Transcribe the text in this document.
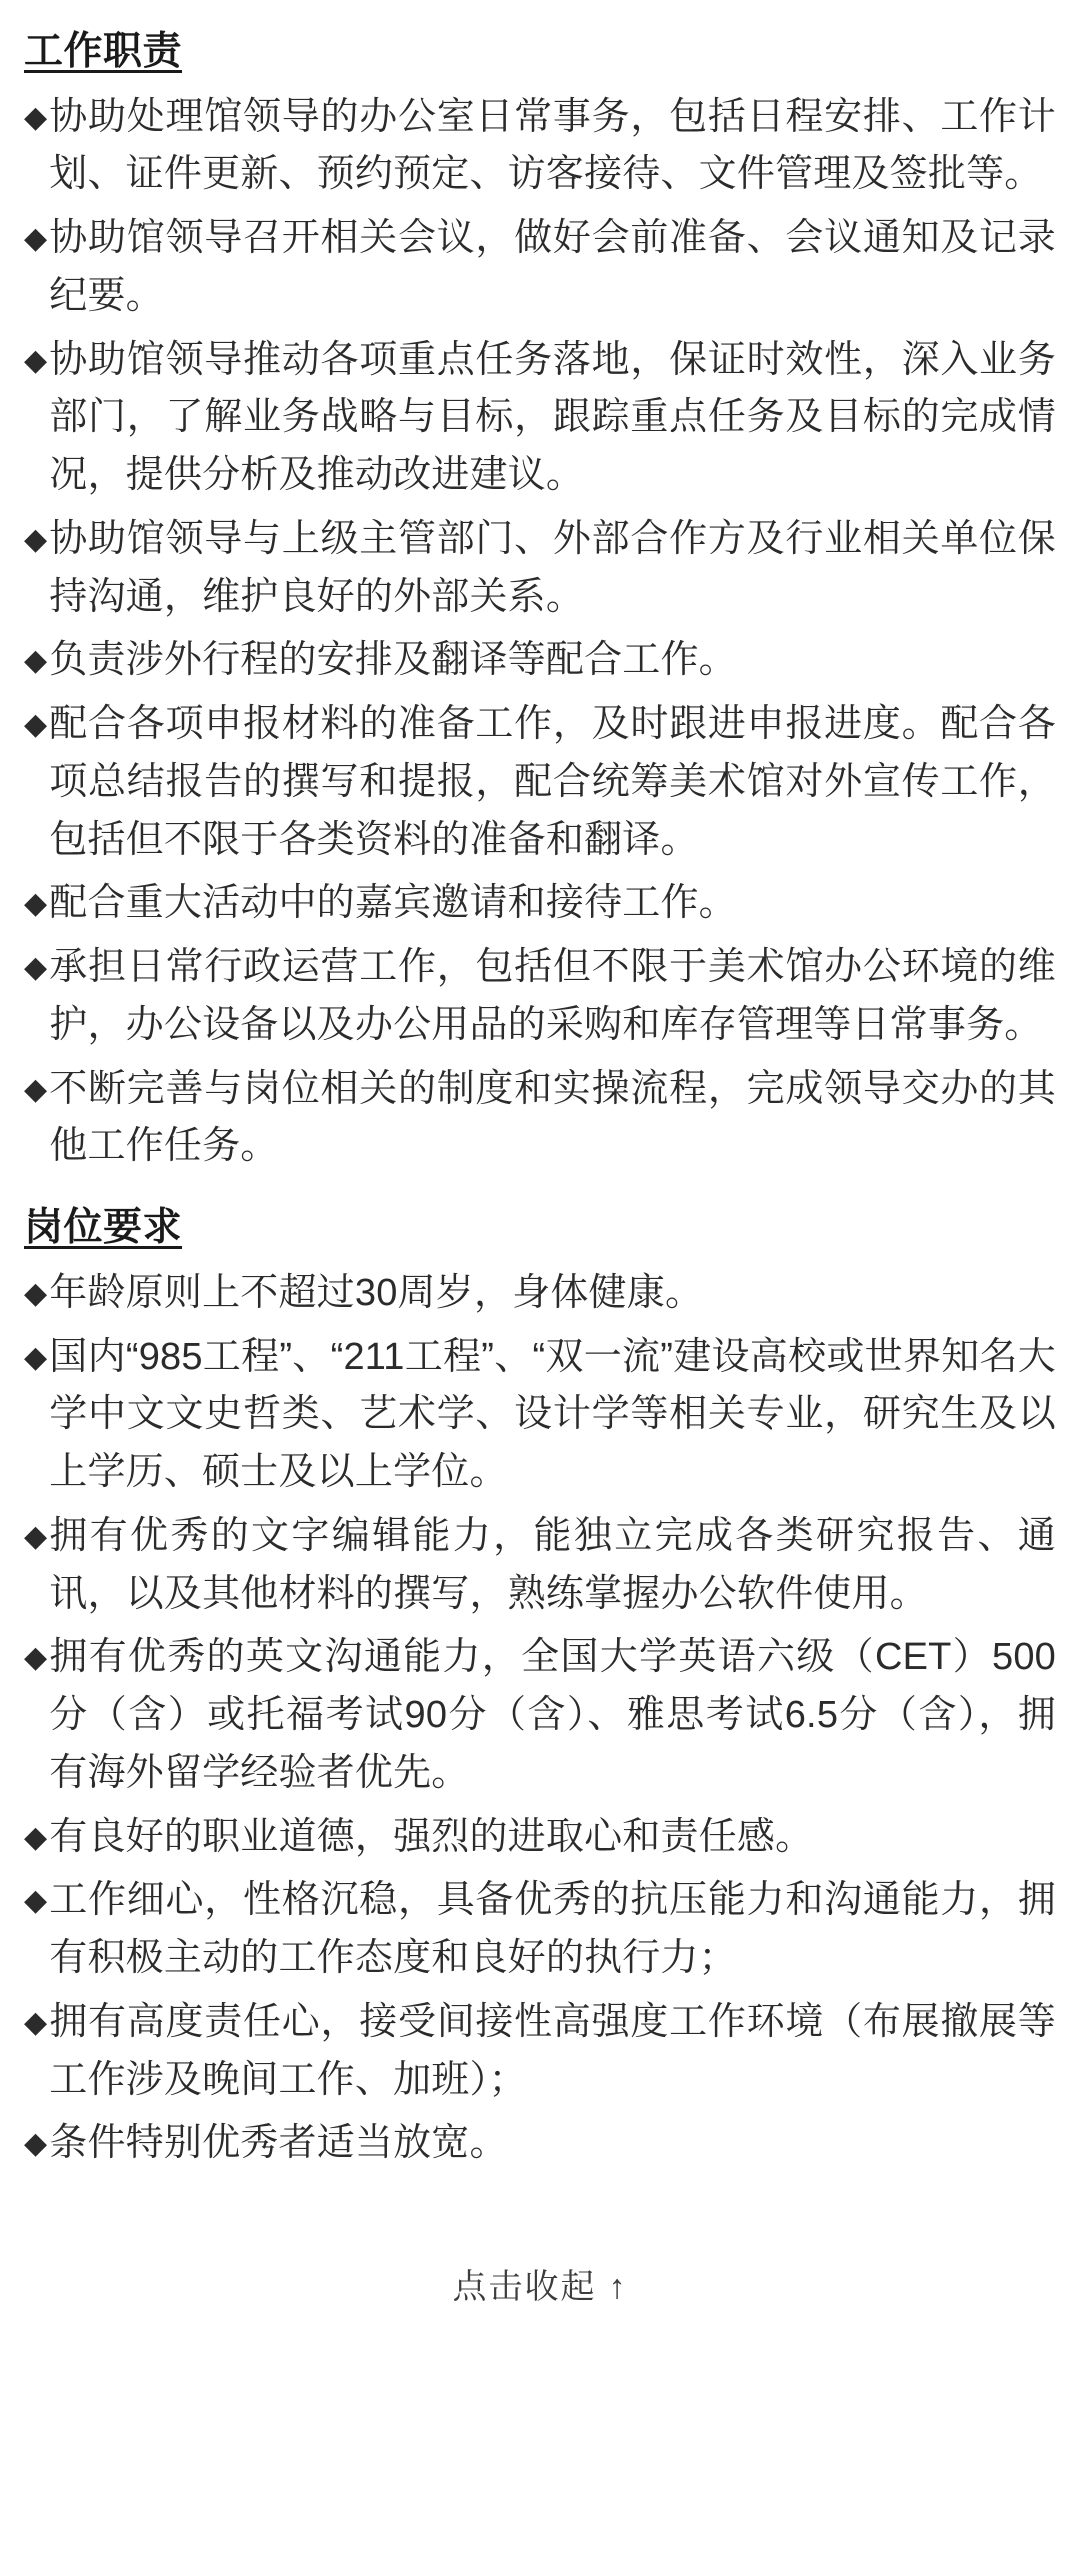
工作职责
◆ 协助处理馆领导的办公室日常事务，包括日程安排、工作计划、证件更新、预约预定、访客接待、文件管理及签批等。
◆ 协助馆领导召开相关会议，做好会前准备、会议通知及记录纪要。
◆ 协助馆领导推动各项重点任务落地，保证时效性，深入业务部门，了解业务战略与目标，跟踪重点任务及目标的完成情况，提供分析及推动改进建议。
◆ 协助馆领导与上级主管部门、外部合作方及行业相关单位保持沟通，维护良好的外部关系。
◆ 负责涉外行程的安排及翻译等配合工作。
◆ 配合各项申报材料的准备工作，及时跟进申报进度。配合各项总结报告的撰写和提报，配合统筹美术馆对外宣传工作，包括但不限于各类资料的准备和翻译。
◆ 配合重大活动中的嘉宾邀请和接待工作。
◆ 承担日常行政运营工作，包括但不限于美术馆办公环境的维护，办公设备以及办公用品的采购和库存管理等日常事务。
◆ 不断完善与岗位相关的制度和实操流程，完成领导交办的其他工作任务。
岗位要求
◆ 年龄原则上不超过30周岁，身体健康。
◆ 国内“985工程”、“211工程”、“双一流”建设高校或世界知名大学中文文史哲类、艺术学、设计学等相关专业，研究生及以上学历、硕士及以上学位。
◆ 拥有优秀的文字编辑能力，能独立完成各类研究报告、通讯，以及其他材料的撰写，熟练掌握办公软件使用。
◆ 拥有优秀的英文沟通能力，全国大学英语六级（CET）500分（含）或托福考试90分（含）、雅思考试6.5分（含），拥有海外留学经验者优先。
◆ 有良好的职业道德，强烈的进取心和责任感。
◆ 工作细心，性格沉稳，具备优秀的抗压能力和沟通能力，拥有积极主动的工作态度和良好的执行力；
◆ 拥有高度责任心，接受间接性高强度工作环境（布展撤展等工作涉及晚间工作、加班）；
◆ 条件特别优秀者适当放宽。
点击收起 ↑
